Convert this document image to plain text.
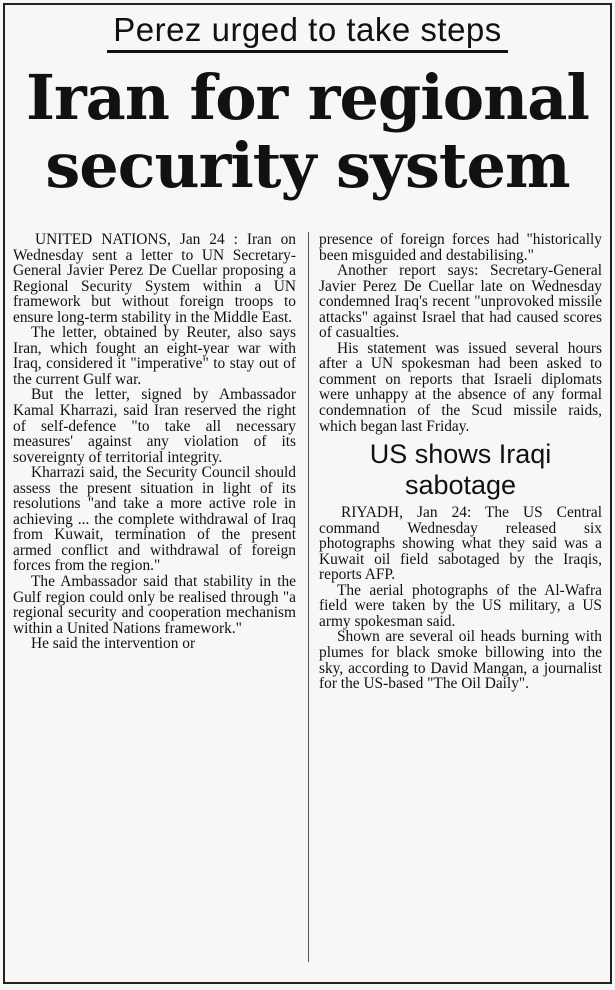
Perez urged to take steps
Iran for regional security system

UNITED NATIONS, Jan 24 : Iran on Wednesday sent a letter to UN Secretary-General Javier Perez De Cuellar proposing a Regional Security System within a UN framework but without foreign troops to ensure long-term stability in the Middle East.

The letter, obtained by Reuter, also says Iran, which fought an eight-year war with Iraq, considered it "imperative" to stay out of the current Gulf war.

But the letter, signed by Ambassador Kamal Kharrazi, said Iran reserved the right of self-defence "to take all necessary measures' against any violation of its sovereignty of territorial integrity.

Kharrazi said, the Security Council should assess the present situation in light of its resolutions "and take a more active role in achieving ... the complete withdrawal of Iraq from Kuwait, termination of the present armed conflict and withdrawal of foreign forces from the region."

The Ambassador said that stability in the Gulf region could only be realised through "a regional security and cooperation mechanism within a United Nations framework."

He said the intervention or

presence of foreign forces had "historically been misguided and destabilising."

Another report says: Secretary-General Javier Perez De Cuellar late on Wednesday condemned Iraq's recent "unprovoked missile attacks" against Israel that had caused scores of casualties.

His statement was issued several hours after a UN spokesman had been asked to comment on reports that Israeli diplomats were unhappy at the absence of any formal condemnation of the Scud missile raids, which began last Friday.

US shows Iraqi sabotage

RIYADH, Jan 24: The US Central command Wednesday released six photographs showing what they said was a Kuwait oil field sabotaged by the Iraqis, reports AFP.

The aerial photographs of the Al-Wafra field were taken by the US military, a US army spokesman said.

Shown are several oil heads burning with plumes for black smoke billowing into the sky, according to David Mangan, a journalist for the US-based "The Oil Daily".
